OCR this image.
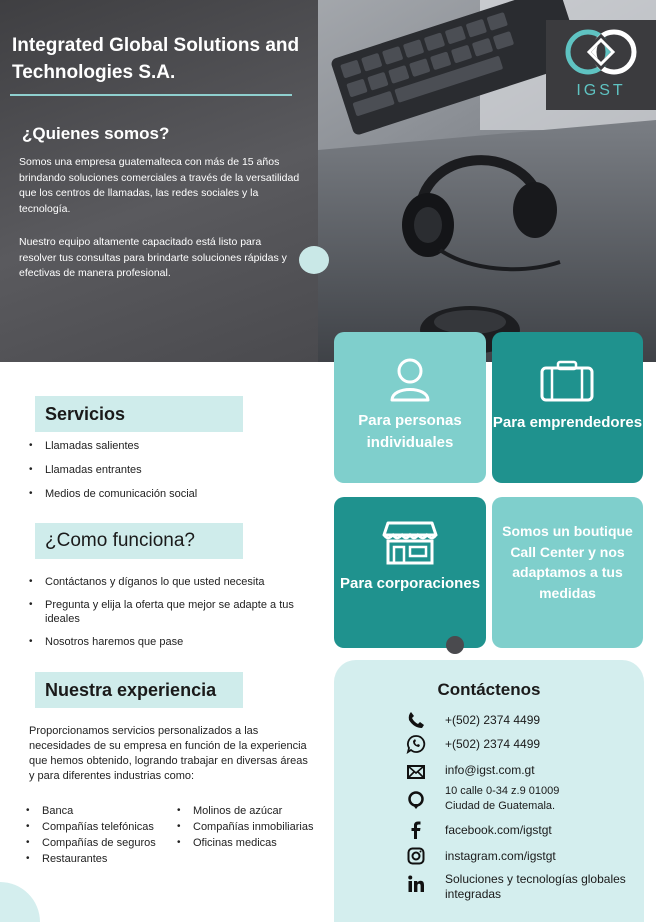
Integrated Global Solutions and Technologies S.A.
¿Quienes somos?
Somos una empresa guatemalteca con más de 15 años brindando soluciones comerciales a través de la versatilidad que los centros de llamadas, las redes sociales y la tecnología.
Nuestro equipo altamente capacitado está listo para resolver tus consultas para brindarte soluciones rápidas y efectivas de manera profesional.
IGST
Servicios
• Llamadas salientes
• Llamadas entrantes
• Medios de comunicación social
¿Como funciona?
• Contáctanos y díganos lo que usted necesita
• Pregunta y elija la oferta que mejor se adapte a tus ideales
• Nosotros haremos que pase
Nuestra experiencia
Proporcionamos servicios personalizados a las necesidades de su empresa en función de la experiencia que hemos obtenido, logrando trabajar en diversas áreas y para diferentes industrias como:
• Banca
• Compañías telefónicas
• Compañías de seguros
• Restaurantes
• Molinos de azúcar
• Compañías inmobiliarias
• Oficinas medicas
Para personas individuales
Para emprendedores
Para corporaciones
Somos un boutique Call Center y nos adaptamos a tus medidas
Contáctenos
+(502) 2374 4499
+(502) 2374 4499
info@igst.com.gt
10 calle 0-34 z.9 01009
Ciudad de Guatemala.
facebook.com/igstgt
instagram.com/igstgt
Soluciones y tecnologías globales integradas
